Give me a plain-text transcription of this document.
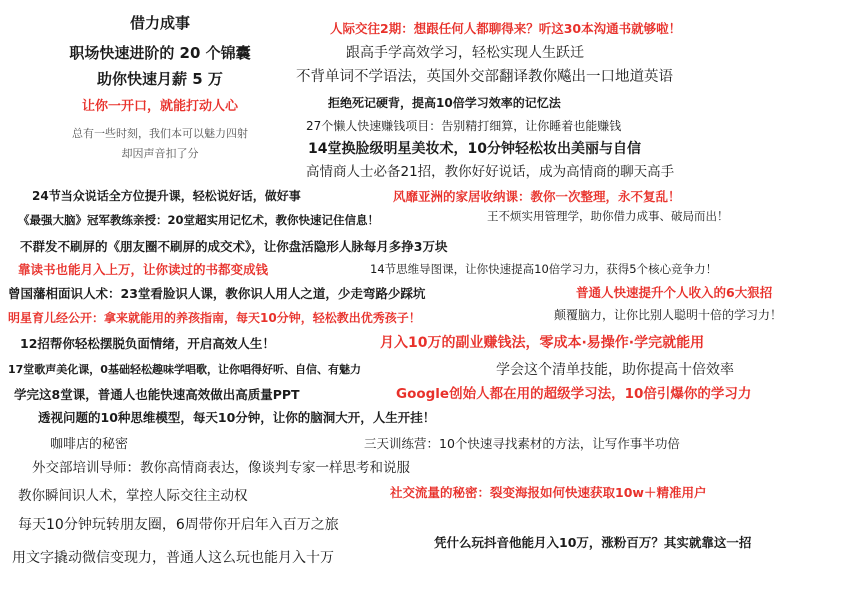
借力成事
职场快速进阶的 20 个锦囊
助你快速月薪 5 万
让你一开口，就能打动人心
总有一些时刻，我们本可以魅力四射
却因声音扣了分
人际交往2期：想跟任何人都聊得来？听这30本沟通书就够啦！
跟高手学高效学习，轻松实现人生跃迁
不背单词不学语法，英国外交部翻译教你飚出一口地道英语
拒绝死记硬背，提高10倍学习效率的记忆法
27个懒人快速赚钱项目：告别精打细算，让你睡着也能赚钱
14堂换脸级明星美妆术，10分钟轻松妆出美丽与自信
高情商人士必备21招，教你好好说话，成为高情商的聊天高手
24节当众说话全方位提升课，轻松说好话，做好事	风靡亚洲的家居收纳课：教你一次整理，永不复乱！
《最强大脑》冠军教练亲授：20堂超实用记忆术，教你快速记住信息！	王不烦实用管理学，助你借力成事、破局而出！
不群发不刷屏的《朋友圈不刷屏的成交术》，让你盘活隐形人脉每月多挣3万块
靠读书也能月入上万，让你读过的书都变成钱	14节思维导图课，让你快速提高10倍学习力，获得5个核心竞争力！
曾国藩相面识人术：23堂看脸识人课，教你识人用人之道，少走弯路少踩坑	普通人快速提升个人收入的6大狠招
明星育儿经公开：拿来就能用的养孩指南，每天10分钟，轻松教出优秀孩子！	颠覆脑力，让你比别人聪明十倍的学习力！
12招帮你轻松摆脱负面情绪，开启高效人生！	月入10万的副业赚钱法，零成本·易操作·学完就能用
17堂歌声美化课，0基础轻松趣味学唱歌，让你唱得好听、自信、有魅力	学会这个清单技能，助你提高十倍效率
学完这8堂课，普通人也能快速高效做出高质量PPT	Google创始人都在用的超级学习法，10倍引爆你的学习力
透视问题的10种思维模型，每天10分钟，让你的脑洞大开，人生开挂！
咖啡店的秘密	三天训练营：10个快速寻找素材的方法，让写作事半功倍
外交部培训导师：教你高情商表达，像谈判专家一样思考和说服
教你瞬间识人术，掌控人际交往主动权	社交流量的秘密：裂变海报如何快速获取10w＋精准用户
每天10分钟玩转朋友圈，6周带你开启年入百万之旅
凭什么玩抖音他能月入10万，涨粉百万？其实就靠这一招
用文字撬动微信变现力，普通人这么玩也能月入十万
